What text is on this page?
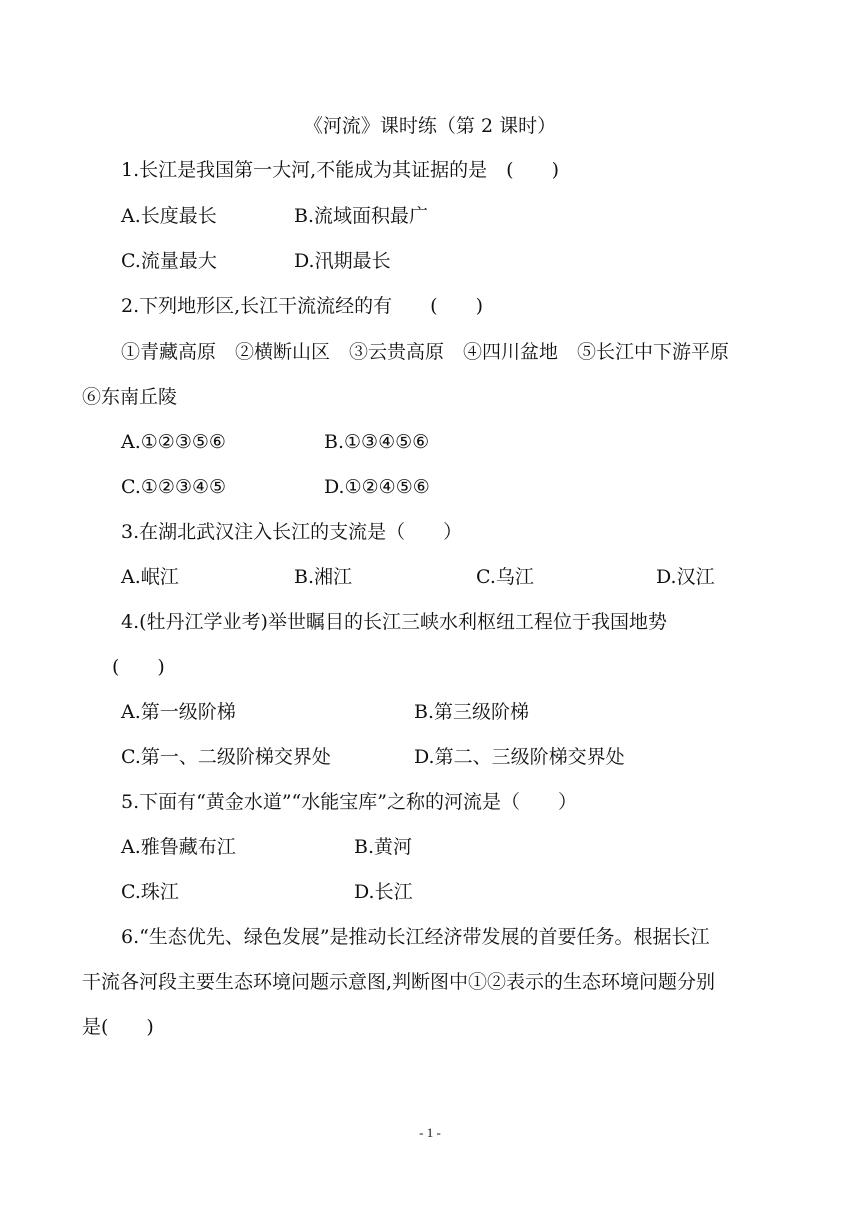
《河流》课时练（第 2 课时）
1.长江是我国第一大河,不能成为其证据的是　(　　)
A.长度最长	B.流域面积最广
C.流量最大	D.汛期最长
2.下列地形区,长江干流流经的有　　(　　)
①青藏高原　②横断山区　③云贵高原　④四川盆地　⑤长江中下游平原
⑥东南丘陵
A.①②③⑤⑥	B.①③④⑤⑥
C.①②③④⑤	D.①②④⑤⑥
3.在湖北武汉注入长江的支流是（　　）
A.岷江	B.湘江	C.乌江	D.汉江
4.(牡丹江学业考)举世瞩目的长江三峡水利枢纽工程位于我国地势
(　　)
A.第一级阶梯	B.第三级阶梯
C.第一、二级阶梯交界处	D.第二、三级阶梯交界处
5.下面有“黄金水道”“水能宝库”之称的河流是（　　）
A.雅鲁藏布江	B.黄河
C.珠江	D.长江
6.“生态优先、绿色发展”是推动长江经济带发展的首要任务。根据长江
干流各河段主要生态环境问题示意图,判断图中①②表示的生态环境问题分别
是(　　)
- 1 -
